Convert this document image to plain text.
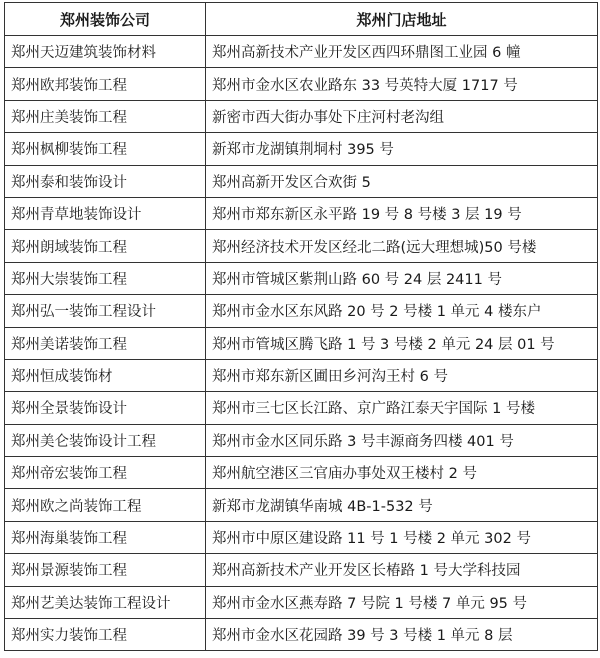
郑州装饰公司	郑州门店地址
郑州天迈建筑装饰材料	郑州高新技术产业开发区西四环鼎图工业园 6 幢
郑州欧邦装饰工程	郑州市金水区农业路东 33 号英特大厦 1717 号
郑州庄美装饰工程	新密市西大街办事处下庄河村老沟组
郑州枫柳装饰工程	新郑市龙湖镇荆垌村 395 号
郑州泰和装饰设计	郑州高新开发区合欢街 5
郑州青草地装饰设计	郑州市郑东新区永平路 19 号 8 号楼 3 层 19 号
郑州朗域装饰工程	郑州经济技术开发区经北二路(远大理想城)50 号楼
郑州大崇装饰工程	郑州市管城区紫荆山路 60 号 24 层 2411 号
郑州弘一装饰工程设计	郑州市金水区东风路 20 号 2 号楼 1 单元 4 楼东户
郑州美诺装饰工程	郑州市管城区腾飞路 1 号 3 号楼 2 单元 24 层 01 号
郑州恒成装饰材	郑州市郑东新区圃田乡河沟王村 6 号
郑州全景装饰设计	郑州市三七区长江路、京广路江泰天宇国际 1 号楼
郑州美仑装饰设计工程	郑州市金水区同乐路 3 号丰源商务四楼 401 号
郑州帝宏装饰工程	郑州航空港区三官庙办事处双王楼村 2 号
郑州欧之尚装饰工程	新郑市龙湖镇华南城 4B-1-532 号
郑州海巢装饰工程	郑州市中原区建设路 11 号 1 号楼 2 单元 302 号
郑州景源装饰工程	郑州高新技术产业开发区长椿路 1 号大学科技园
郑州艺美达装饰工程设计	郑州市金水区燕寿路 7 号院 1 号楼 7 单元 95 号
郑州实力装饰工程	郑州市金水区花园路 39 号 3 号楼 1 单元 8 层
